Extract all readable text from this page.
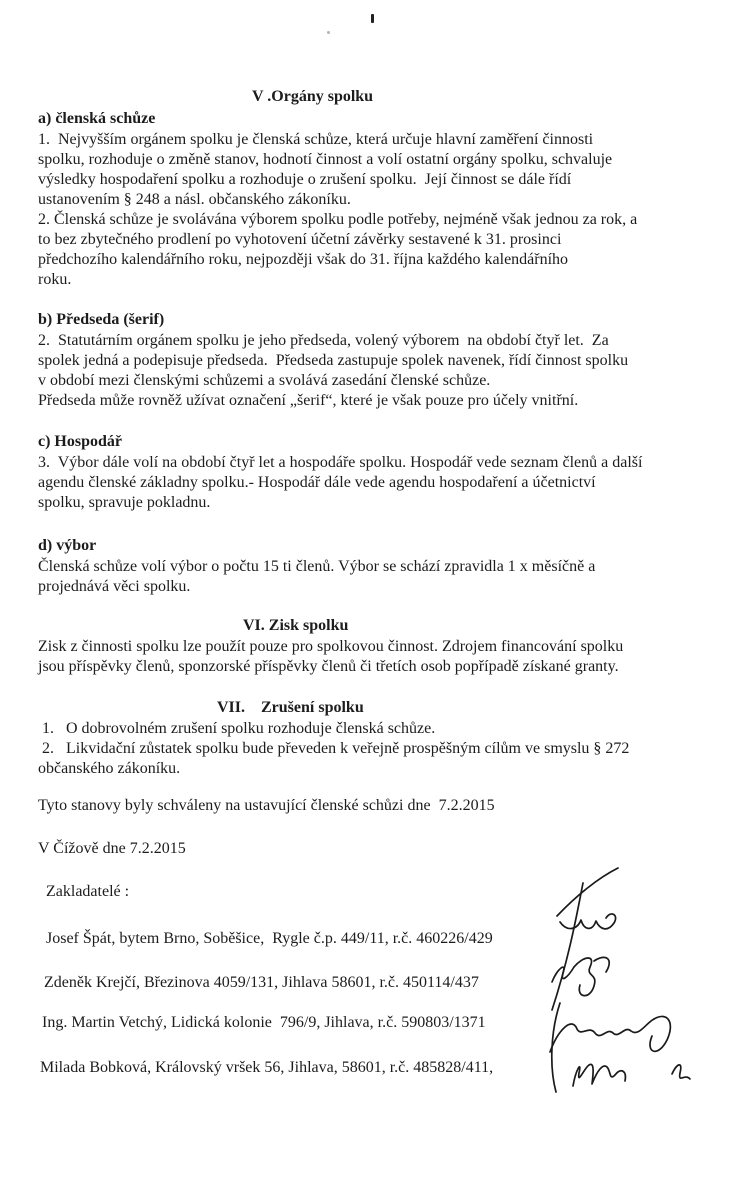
V .Orgány spolku
a) členská schůze
1.  Nejvyšším orgánem spolku je členská schůze, která určuje hlavní zaměření činnosti
spolku, rozhoduje o změně stanov, hodnotí činnost a volí ostatní orgány spolku, schvaluje
výsledky hospodaření spolku a rozhoduje o zrušení spolku.  Její činnost se dále řídí
ustanovením § 248 a násl. občanského zákoníku.
2. Členská schůze je svolávána výborem spolku podle potřeby, nejméně však jednou za rok, a
to bez zbytečného prodlení po vyhotovení účetní závěrky sestavené k 31. prosinci
předchozího kalendářního roku, nejpozději však do 31. října každého kalendářního
roku.
b) Předseda (šerif)
2.  Statutárním orgánem spolku je jeho předseda, volený výborem  na období čtyř let.  Za
spolek jedná a podepisuje předseda.  Předseda zastupuje spolek navenek, řídí činnost spolku
v období mezi členskými schůzemi a svolává zasedání členské schůze.
Předseda může rovněž užívat označení „šerif“, které je však pouze pro účely vnitřní.
c) Hospodář
3.  Výbor dále volí na období čtyř let a hospodáře spolku. Hospodář vede seznam členů a další
agendu členské základny spolku.- Hospodář dále vede agendu hospodaření a účetnictví
spolku, spravuje pokladnu.
d) výbor
Členská schůze volí výbor o počtu 15 ti členů. Výbor se schází zpravidla 1 x měsíčně a
projednává věci spolku.
VI. Zisk spolku
Zisk z činnosti spolku lze použít pouze pro spolkovou činnost. Zdrojem financování spolku
jsou příspěvky členů, sponzorské příspěvky členů či třetích osob popřípadě získané granty.
VII.    Zrušení spolku
1.   O dobrovolném zrušení spolku rozhoduje členská schůze.
2.   Likvidační zůstatek spolku bude převeden k veřejně prospěšným cílům ve smyslu § 272
občanského zákoníku.
Tyto stanovy byly schváleny na ustavující členské schůzi dne  7.2.2015
V Čížově dne 7.2.2015
Zakladatelé :
Josef Špát, bytem Brno, Soběšice,  Rygle č.p. 449/11, r.č. 460226/429
Zdeněk Krejčí, Březinova 4059/131, Jihlava 58601, r.č. 450114/437
Ing. Martin Vetchý, Lidická kolonie  796/9, Jihlava, r.č. 590803/1371
Milada Bobková, Královský vršek 56, Jihlava, 58601, r.č. 485828/411,
